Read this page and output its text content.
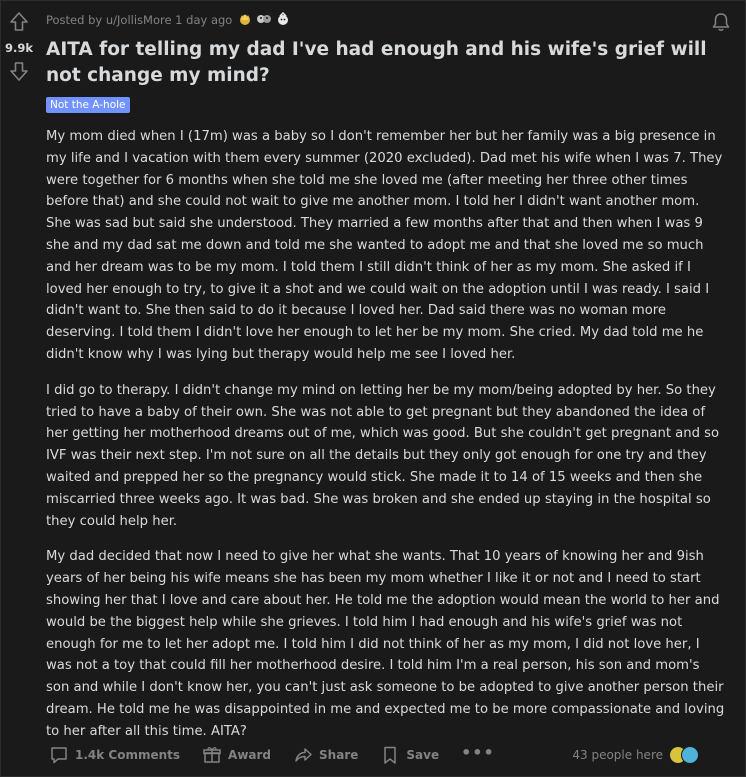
9.9k
Posted by u/JollisMore 1 day ago
AITA for telling my dad I've had enough and his wife's grief will not change my mind?
Not the A-hole

My mom died when I (17m) was a baby so I don't remember her but her family was a big presence in my life and I vacation with them every summer (2020 excluded). Dad met his wife when I was 7. They were together for 6 months when she told me she loved me (after meeting her three other times before that) and she could not wait to give me another mom. I told her I didn't want another mom. She was sad but said she understood. They married a few months after that and then when I was 9 she and my dad sat me down and told me she wanted to adopt me and that she loved me so much and her dream was to be my mom. I told them I still didn't think of her as my mom. She asked if I loved her enough to try, to give it a shot and we could wait on the adoption until I was ready. I said I didn't want to. She then said to do it because I loved her. Dad said there was no woman more deserving. I told them I didn't love her enough to let her be my mom. She cried. My dad told me he didn't know why I was lying but therapy would help me see I loved her.

I did go to therapy. I didn't change my mind on letting her be my mom/being adopted by her. So they tried to have a baby of their own. She was not able to get pregnant but they abandoned the idea of her getting her motherhood dreams out of me, which was good. But she couldn't get pregnant and so IVF was their next step. I'm not sure on all the details but they only got enough for one try and they waited and prepped her so the pregnancy would stick. She made it to 14 of 15 weeks and then she miscarried three weeks ago. It was bad. She was broken and she ended up staying in the hospital so they could help her.

My dad decided that now I need to give her what she wants. That 10 years of knowing her and 9ish years of her being his wife means she has been my mom whether I like it or not and I need to start showing her that I love and care about her. He told me the adoption would mean the world to her and would be the biggest help while she grieves. I told him I had enough and his wife's grief was not enough for me to let her adopt me. I told him I did not think of her as my mom, I did not love her, I was not a toy that could fill her motherhood desire. I told him I'm a real person, his son and mom's son and while I don't know her, you can't just ask someone to be adopted to give another person their dream. He told me he was disappointed in me and expected me to be more compassionate and loving to her after all this time. AITA?

1.4k Comments	Award	Share	Save •••	43 people here
